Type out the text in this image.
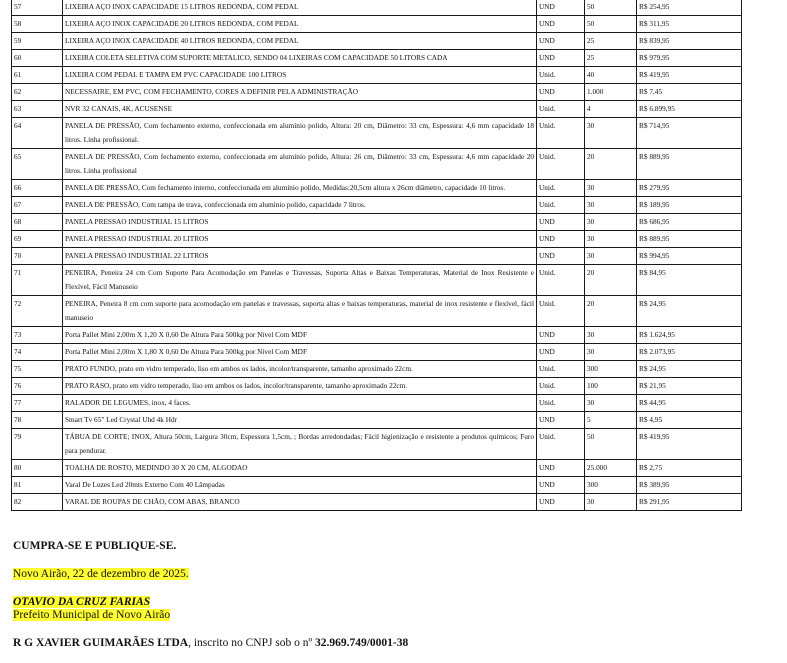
57	LIXEIRA AÇO INOX CAPACIDADE 15 LITROS REDONDA, COM PEDAL	UND	50	R$ 254,95
58	LIXEIRA AÇO INOX CAPACIDADE 20 LITROS REDONDA, COM PEDAL	UND	50	R$ 311,95
59	LIXEIRA AÇO INOX CAPACIDADE 40 LITROS REDONDA, COM PEDAL	UND	25	R$ 839,95
60	LIXEIRA COLETA SELETIVA COM SUPORTE METALICO, SENDO 04 LIXEIRAS COM CAPACIDADE 50 LITORS CADA	UND	25	R$ 979,95
61	LIXEIRA COM PEDAL E TAMPA EM PVC CAPACIDADE 100 LITROS	Unid.	40	R$ 419,95
62	NECESSAIRE, EM PVC, COM FECHAMENTO, CORES A DEFINIR PELA ADMINISTRAÇÃO	UND	1.000	R$ 7,45
63	NVR 32 CANAIS, 4K, ACUSENSE	Unid.	4	R$ 6.899,95
64	PANELA DE PRESSÃO, Com fechamento externo, confeccionada em alumínio polido, Altura: 20 cm, Diâmetro: 33 cm, Espessura: 4,6 mm capacidade 18 litros. Linha profissional.	Unid.	30	R$ 714,95
65	PANELA DE PRESSÃO, Com fechamento externo, confeccionada em alumínio polido, Altura: 26 cm, Diâmetro: 33 cm, Espessura: 4,6 mm capacidade 20 litros. Linha profissional	Unid.	20	R$ 889,95
66	PANELA DE PRESSÃO, Com fechamento interno, confeccionada em alumínio polido, Medidas:20,5cm altura x 26cm diâmetro, capacidade 10 litros.	Unid.	30	R$ 279,95
67	PANELA DE PRESSÃO, Com tampa de trava, confeccionada em alumínio polido, capacidade 7 litros.	Unid.	30	R$ 189,95
68	PANELA PRESSAO INDUSTRIAL 15 LITROS	UND	30	R$ 686,95
69	PANELA PRESSAO INDUSTRIAL 20 LITROS	UND	30	R$ 889,95
70	PANELA PRESSAO INDUSTRIAL 22 LITROS	UND	30	R$ 994,95
71	PENEIRA, Peneira 24 cm Com Suporte Para Acomodação em Panelas e Travessas, Suporta Altas e Baixas Temperaturas, Material de Inox Resistente e Flexível, Fácil Manuseio	Unid.	20	R$ 84,95
72	PENEIRA, Peneira 8 cm com suporte para acomodação em panelas e travessas, suporta altas e baixas temperaturas, material de inox resistente e flexível, fácil manuseio	Unid.	20	R$ 24,95
73	Porta Pallet Mini 2,00m X 1,20 X 0,60 De Altura Para 500kg por Nivel Com MDF	UND	30	R$ 1.624,95
74	Porta Pallet Mini 2,00m X 1,80 X 0,60 De Altura Para 500kg por Nivel Com MDF	UND	30	R$ 2.073,95
75	PRATO FUNDO, prato em vidro temperado, liso em ambos os lados, incolor/transparente, tamanho aproximado 22cm.	Unid.	300	R$ 24,95
76	PRATO RASO, prato em vidro temperado, liso em ambos os lados, incolor/transparente, tamanho aproximado 22cm.	Unid.	100	R$ 21,95
77	RALADOR DE LEGUMES, inox, 4 faces.	Unid.	30	R$ 44,95
78	Smart Tv 65" Led Crystal Uhd 4k Hdr	UND	5	R$ 4,95
79	TÁBUA DE CORTE; INOX, Altura 50cm, Largura 30cm, Espessura 1,5cm, ; Bordas arredondadas; Fácil higienização e resistente a produtos químicos; Furo para pendurar.	Unid.	50	R$ 419,95
80	TOALHA DE ROSTO, MEDINDO 30 X 20 CM, ALGODAO	UND	25.000	R$ 2,75
81	Varal De Luzes Led 20mts Externo Com 40 Lâmpadas	UND	300	R$ 389,95
82	VARAL DE ROUPAS DE CHÃO, COM ABAS, BRANCO	UND	30	R$ 291,95
CUMPRA-SE E PUBLIQUE-SE.
Novo Airão, 22 de dezembro de 2025.
OTAVIO DA CRUZ FARIAS
Prefeito Municipal de Novo Airão
R G XAVIER GUIMARÃES LTDA, inscrito no CNPJ sob o nº 32.969.749/0001-38
